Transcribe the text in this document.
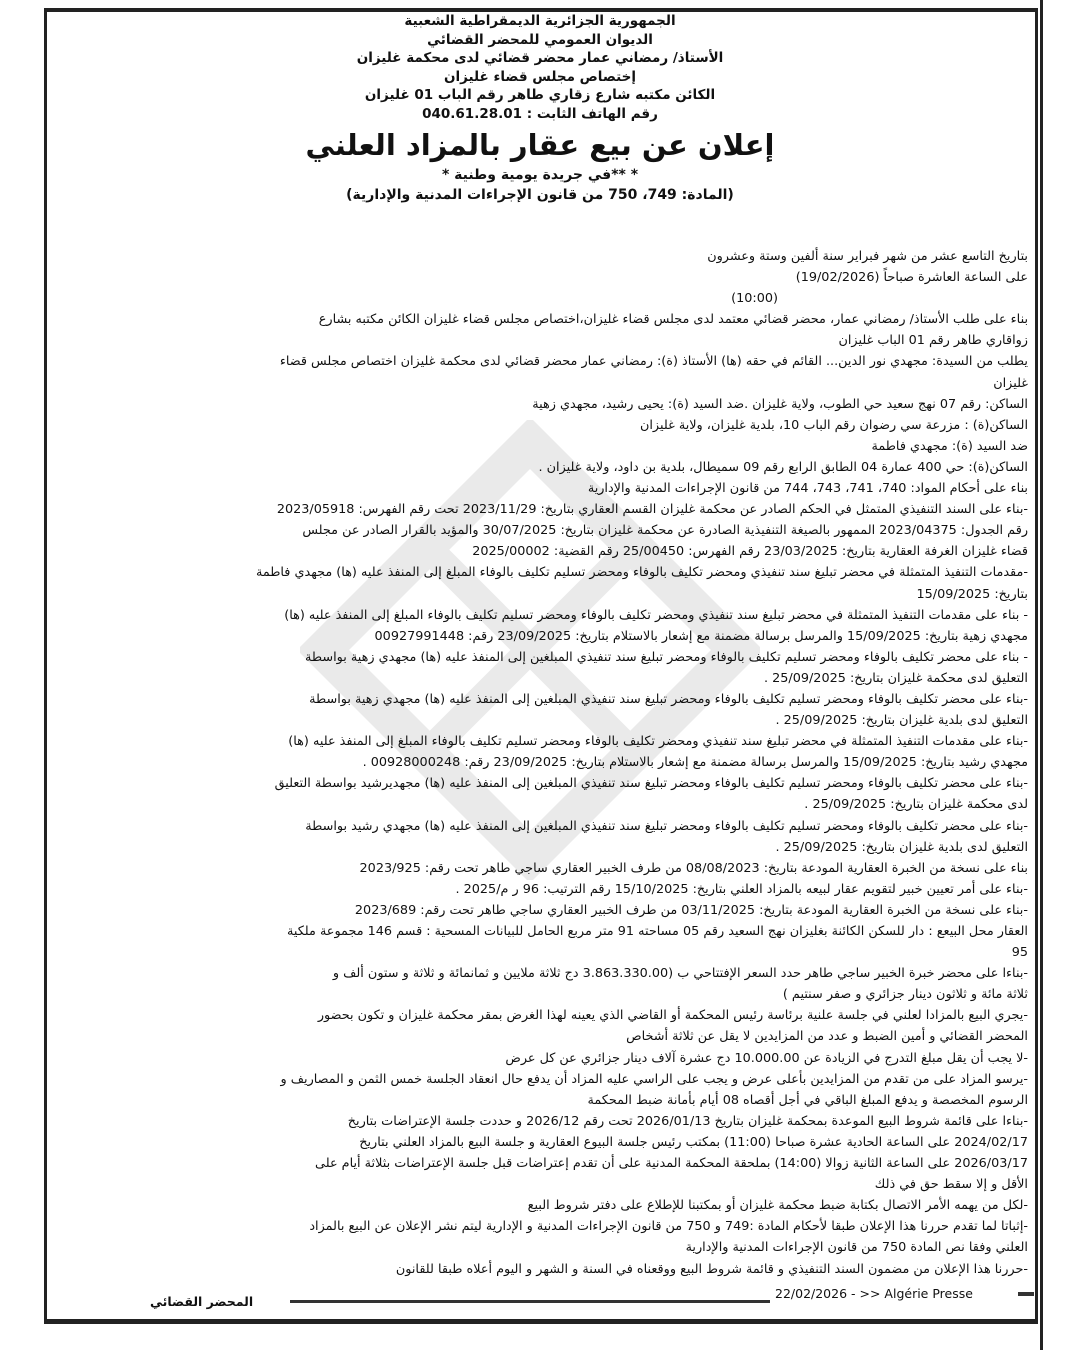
الجمهورية الجزائرية الديمقراطية الشعبية
الديوان العمومي للمحضر القضائي
الأستاذ/ رمضاني عمار محضر قضائي لدى محكمة غليزان
إختصاص مجلس قضاء غليزان
الكائن مكتبه شارع زقاري طاهر رقم الباب 01 غليزان
رقم الهاتف الثابت : 040.61.28.01
إعلان عن بيع عقار بالمزاد العلني
* **في جريدة يومية وطنية *
(المادة: 749، 750 من قانون الإجراءات المدنية والإدارية)
بتاريخ التاسع عشر من شهر فبراير سنة ألفين وستة وعشرون
على الساعة العاشرة صباحاً (19/02/2026)
(10:00)
بناء على طلب الأستاذ/ رمضاني عمار، محضر قضائي معتمد لدى مجلس قضاء غليزان،اختصاص مجلس قضاء غليزان الكائن مكتبه بشارع
زواقاري طاهر رقم 01 الباب غليزان
يطلب من السيدة: مجهدي نور الدين... القائم في حقه (ها) الأستاذ (ة): رمضاني عمار محضر قضائي لدى محكمة غليزان اختصاص مجلس قضاء
غليزان
الساكن: رقم 07 نهج سعيد حي الطوب، ولاية غليزان .ضد السيد (ة): يحيى رشيد، مجهدي زهية
الساكن(ة) : مزرعة سي رضوان رقم الباب 10، بلدية غليزان، ولاية غليزان
ضد السيد (ة): مجهدي فاطمة
الساكن(ة): حي 400 عمارة 04 الطابق الرابع رقم 09 سميطال، بلدية بن داود، ولاية غليزان .
بناء على أحكام المواد: 740، 741، 743، 744 من قانون الإجراءات المدنية والإدارية
-بناء على السند التنفيذي المتمثل في الحكم الصادر عن محكمة غليزان القسم العقاري بتاريخ: 2023/11/29 تحت رقم الفهرس: 2023/05918
رقم الجدول: 2023/04375 الممهور بالصيغة التنفيذية الصادرة عن محكمة غليزان بتاريخ: 30/07/2025 والمؤيد بالقرار الصادر عن مجلس
قضاء غليزان الغرفة العقارية بتاريخ: 23/03/2025 رقم الفهرس: 25/00450 رقم القضية: 2025/00002
-مقدمات التنفيذ المتمثلة في محضر تبليغ سند تنفيذي ومحضر تكليف بالوفاء ومحضر تسليم تكليف بالوفاء المبلغ إلى المنفذ عليه (ها) مجهدي فاطمة
بتاريخ: 15/09/2025
- بناء على مقدمات التنفيذ المتمثلة في محضر تبليغ سند تنفيذي ومحضر تكليف بالوفاء ومحضر تسليم تكليف بالوفاء المبلغ إلى المنفذ عليه (ها)
مجهدي زهية بتاريخ: 15/09/2025 والمرسل برسالة مضمنة مع إشعار بالاستلام بتاريخ: 23/09/2025 رقم: 00927991448
- بناء على محضر تكليف بالوفاء ومحضر تسليم تكليف بالوفاء ومحضر تبليغ سند تنفيذي المبلغين إلى المنفذ عليه (ها) مجهدي زهية بواسطة
التعليق لدى محكمة غليزان بتاريخ: 25/09/2025 .
-بناء على محضر تكليف بالوفاء ومحضر تسليم تكليف بالوفاء ومحضر تبليغ سند تنفيذي المبلغين إلى المنفذ عليه (ها) مجهدي زهية بواسطة
التعليق لدى بلدية غليزان بتاريخ: 25/09/2025 .
-بناء على مقدمات التنفيذ المتمثلة في محضر تبليغ سند تنفيذي ومحضر تكليف بالوفاء ومحضر تسليم تكليف بالوفاء المبلغ إلى المنفذ عليه (ها)
مجهدي رشيد بتاريخ: 15/09/2025 والمرسل برسالة مضمنة مع إشعار بالاستلام بتاريخ: 23/09/2025 رقم: 00928000248 .
-بناء على محضر تكليف بالوفاء ومحضر تسليم تكليف بالوفاء ومحضر تبليغ سند تنفيذي المبلغين إلى المنفذ عليه (ها) مجهديرشيد بواسطة التعليق
لدى محكمة غليزان بتاريخ: 25/09/2025 .
-بناء على محضر تكليف بالوفاء ومحضر تسليم تكليف بالوفاء ومحضر تبليغ سند تنفيذي المبلغين إلى المنفذ عليه (ها) مجهدي رشيد بواسطة
التعليق لدى بلدية غليزان بتاريخ: 25/09/2025 .
بناء على نسخة من الخبرة العقارية المودعة بتاريخ: 08/08/2023 من طرف الخبير العقاري ساجي طاهر تحت رقم: 2023/925
-بناء على أمر تعيين خبير لتقويم عقار لبيعه بالمزاد العلني بتاريخ: 15/10/2025 رقم الترتيب: 96 ر م/2025 .
-بناء على نسخة من الخبرة العقارية المودعة بتاريخ: 03/11/2025 من طرف الخبير العقاري ساجي طاهر تحت رقم: 2023/689
العقار محل البيعع : دار للسكن الكائنة بغليزان نهج السعيد رقم 05 مساحته 91 متر مربع الحامل للبيانات المسحية : قسم 146 مجموعة ملكية
95
-بناءا على محضر خبرة الخبير ساجي طاهر حدد السعر الإفتتاحي ب (3.863.330.00 دج ثلاثة ملايين و ثمانمائة و ثلاثة و ستون ألف و
ثلاثة مائة و ثلاثون دينار جزائري و صفر سنتيم )
-يجري البيع بالمزادا لعلني في جلسة علنية برئاسة رئيس المحكمة أو القاضي الذي يعينه لهذا الغرض بمقر محكمة غليزان و تكون بحضور
المحضر القضائي و أمين الضبط و عدد من المزايدين لا يقل عن ثلاثة أشخاص
-لا يجب أن يقل مبلغ التدرج في الزيادة عن 10.000.00 دج عشرة آلاف دينار جزائري عن كل عرض
-يرسو المزاد على من تقدم من المزايدين بأعلى عرض و يجب على الراسي عليه المزاد أن يدفع حال انعقاد الجلسة خمس الثمن و المصاريف و
الرسوم المخصصة و يدفع المبلغ الباقي في أجل أقصاه 08 أيام بأمانة ضبط المحكمة
-بناءا على قائمة شروط البيع الموعدة بمحكمة غليزان بتاريخ 2026/01/13 تحت رقم 2026/12 و حددت جلسة الإعتراضات بتاريخ
2024/02/17 على الساعة الحادية عشرة صباحا (11:00) بمكتب رئيس جلسة البيوع العقارية و جلسة البيع بالمزاد العلني بتاريخ
2026/03/17 على الساعة الثانية زوالا (14:00) بملحقة المحكمة المدنية على أن تقدم إعتراضات قبل جلسة الإعتراضات بثلاثة أيام على
الأقل و إلا سقط حق في ذلك
-لكل من يهمه الأمر الاتصال بكتابة ضبط محكمة غليزان أو بمكتبنا للإطلاع على دفتر شروط البيع
-إثباتا لما تقدم حررنا هذا الإعلان طبقا لأحكام المادة :749 و 750 من قانون الإجراءات المدنية و الإدارية ليتم نشر الإعلان عن البيع بالمزاد
العلني وفقا نص المادة 750 من قانون الإجراءات المدنية والإدارية
-حررنا هذا الإعلان من مضمون السند التنفيذي و قائمة شروط البيع ووقعناه في السنة و الشهر و اليوم أعلاه طبقا للقانون
22/02/2026 - >> Algérie Presse
المحضر القضائي
